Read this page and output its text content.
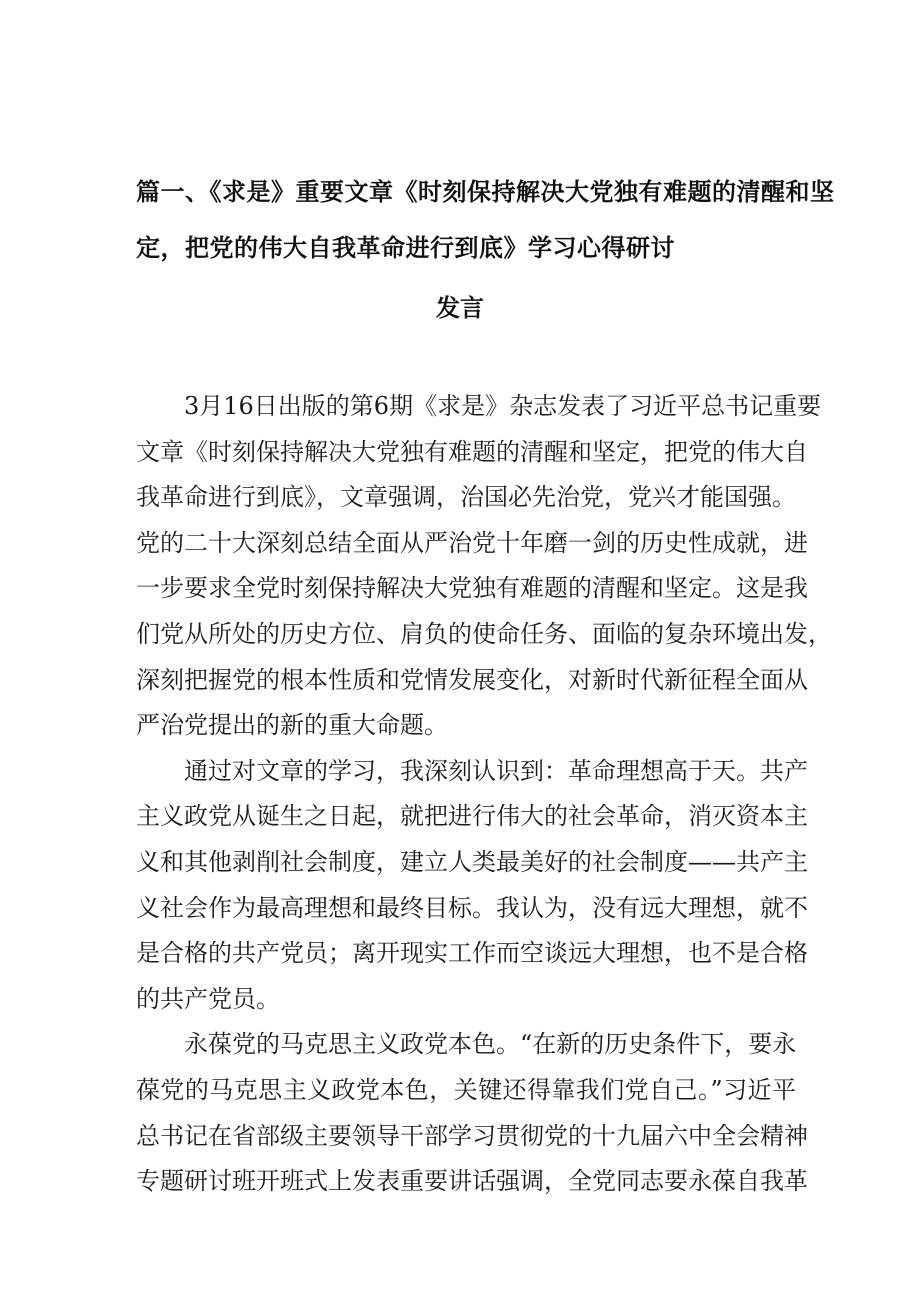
篇一、《求是》重要文章《时刻保持解决大党独有难题的清醒和坚
定，把党的伟大自我革命进行到底》学习心得研讨
发言
3月16日出版的第6期《求是》杂志发表了习近平总书记重要
文章《时刻保持解决大党独有难题的清醒和坚定，把党的伟大自
我革命进行到底》，文章强调，治国必先治党，党兴才能国强。
党的二十大深刻总结全面从严治党十年磨一剑的历史性成就，进
一步要求全党时刻保持解决大党独有难题的清醒和坚定。这是我
们党从所处的历史方位、肩负的使命任务、面临的复杂环境出发，
深刻把握党的根本性质和党情发展变化，对新时代新征程全面从
严治党提出的新的重大命题。
通过对文章的学习，我深刻认识到：革命理想高于天。共产
主义政党从诞生之日起，就把进行伟大的社会革命，消灭资本主
义和其他剥削社会制度，建立人类最美好的社会制度——共产主
义社会作为最高理想和最终目标。我认为，没有远大理想，就不
是合格的共产党员；离开现实工作而空谈远大理想，也不是合格
的共产党员。
永葆党的马克思主义政党本色。“在新的历史条件下，要永
葆党的马克思主义政党本色，关键还得靠我们党自己。”习近平
总书记在省部级主要领导干部学习贯彻党的十九届六中全会精神
专题研讨班开班式上发表重要讲话强调，全党同志要永葆自我革
